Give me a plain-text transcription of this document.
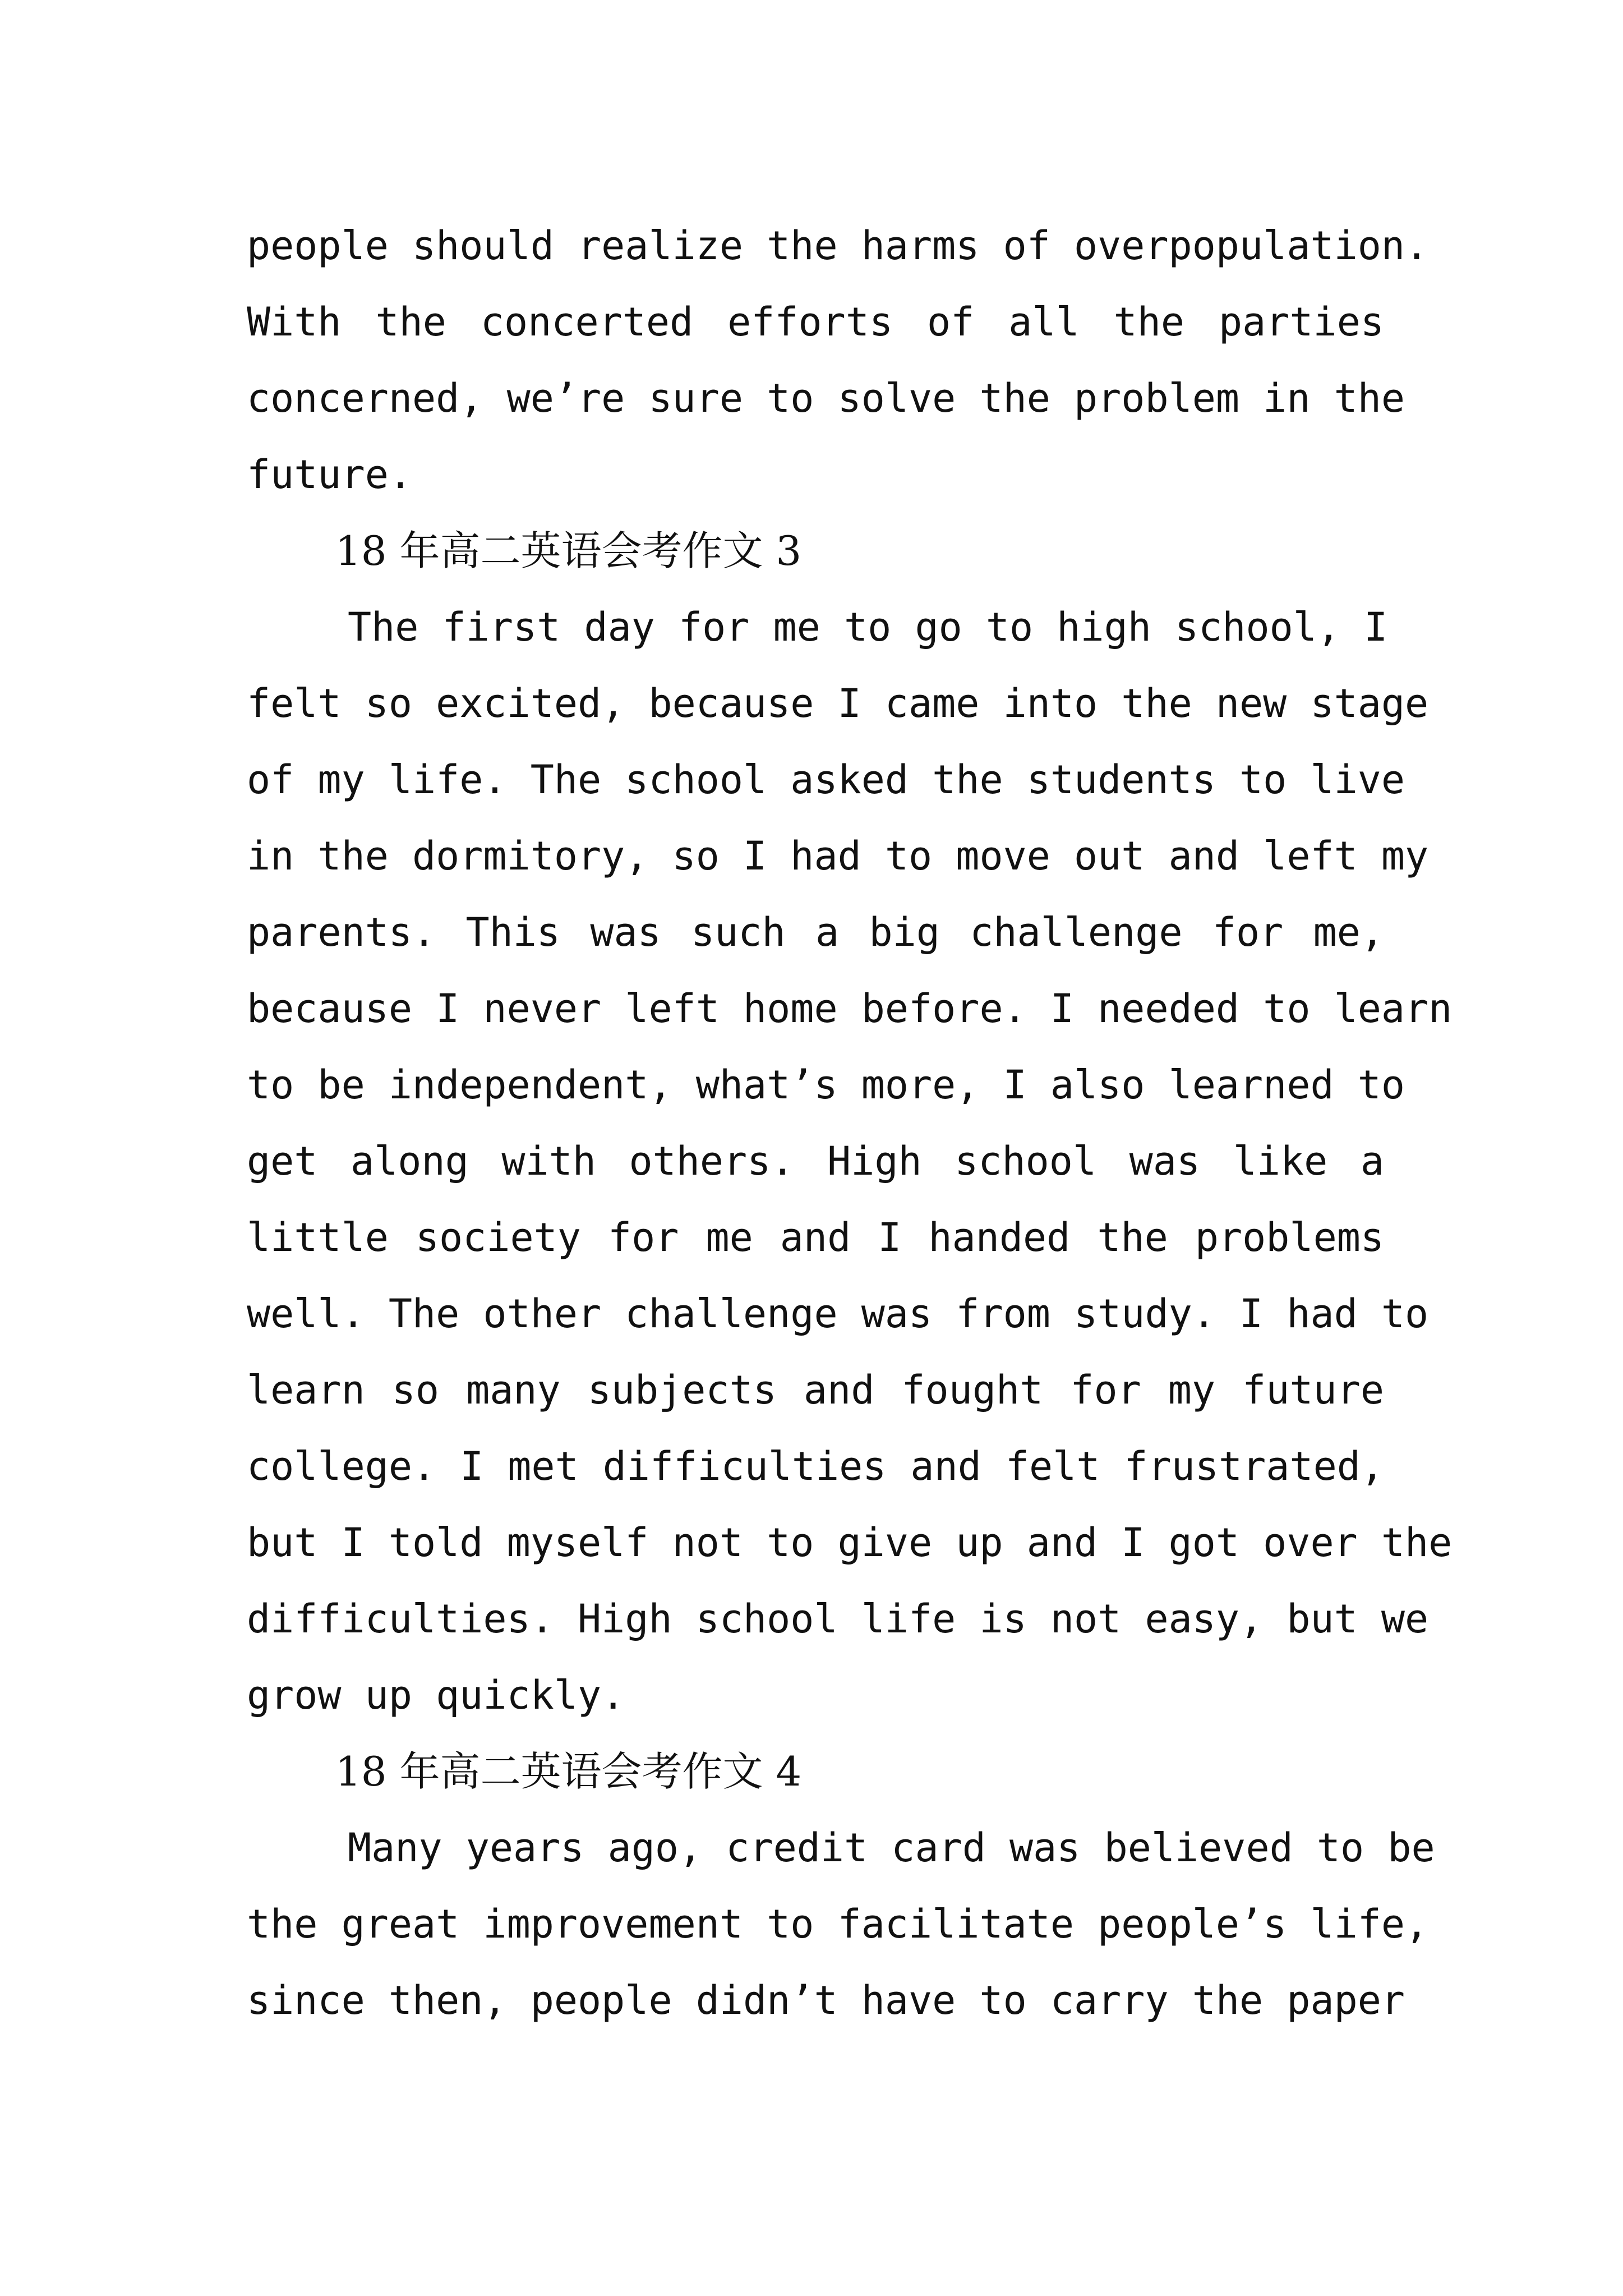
people should realize the harms of overpopulation.
With the concerted efforts of all the parties
concerned, we’re sure to solve the problem in the
future.
18 年高二英语会考作文 3
The first day for me to go to high school, I
felt so excited, because I came into the new stage
of my life. The school asked the students to live
in the dormitory, so I had to move out and left my
parents. This was such a big challenge for me,
because I never left home before. I needed to learn
to be independent, what’s more, I also learned to
get along with others. High school was like a
little society for me and I handed the problems
well. The other challenge was from study. I had to
learn so many subjects and fought for my future
college. I met difficulties and felt frustrated,
but I told myself not to give up and I got over the
difficulties. High school life is not easy, but we
grow up quickly.
18 年高二英语会考作文 4
Many years ago, credit card was believed to be
the great improvement to facilitate people’s life,
since then, people didn’t have to carry the paper
